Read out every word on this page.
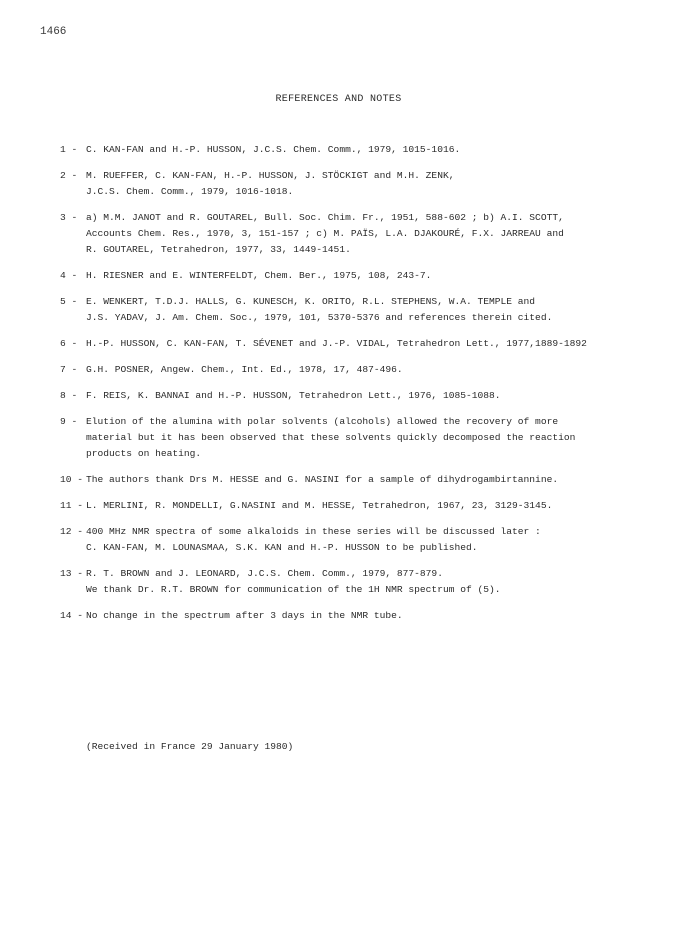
1466
REFERENCES AND NOTES
1 - C. KAN-FAN and H.-P. HUSSON, J.C.S. Chem. Comm., 1979, 1015-1016.
2 - M. RUEFFER, C. KAN-FAN, H.-P. HUSSON, J. STÖCKIGT and M.H. ZENK,
J.C.S. Chem. Comm., 1979, 1016-1018.
3 - a) M.M. JANOT and R. GOUTAREL, Bull. Soc. Chim. Fr., 1951, 588-602 ; b) A.I. SCOTT,
Accounts Chem. Res., 1970, 3, 151-157 ; c) M. PAÏS, L.A. DJAKOURÉ, F.X. JARREAU and
R. GOUTAREL, Tetrahedron, 1977, 33, 1449-1451.
4 - H. RIESNER and E. WINTERFELDT, Chem. Ber., 1975, 108, 243-7.
5 - E. WENKERT, T.D.J. HALLS, G. KUNESCH, K. ORITO, R.L. STEPHENS, W.A. TEMPLE and
J.S. YADAV, J. Am. Chem. Soc., 1979, 101, 5370-5376 and references therein cited.
6 - H.-P. HUSSON, C. KAN-FAN, T. SÉVENET and J.-P. VIDAL, Tetrahedron Lett., 1977,1889-1892
7 - G.H. POSNER, Angew. Chem., Int. Ed., 1978, 17, 487-496.
8 - F. REIS, K. BANNAI and H.-P. HUSSON, Tetrahedron Lett., 1976, 1085-1088.
9 - Elution of the alumina with polar solvents (alcohols) allowed the recovery of more
material but it has been observed that these solvents quickly decomposed the reaction
products on heating.
10 - The authors thank Drs M. HESSE and G. NASINI for a sample of dihydrogambirtannine.
11 - L. MERLINI, R. MONDELLI, G.NASINI and M. HESSE, Tetrahedron, 1967, 23, 3129-3145.
12 - 400 MHz NMR spectra of some alkaloids in these series will be discussed later :
C. KAN-FAN, M. LOUNASMAA, S.K. KAN and H.-P. HUSSON to be published.
13 - R. T. BROWN and J. LEONARD, J.C.S. Chem. Comm., 1979, 877-879.
We thank Dr. R.T. BROWN for communication of the 1H NMR spectrum of (5).
14 - No change in the spectrum after 3 days in the NMR tube.
(Received in France 29 January 1980)
